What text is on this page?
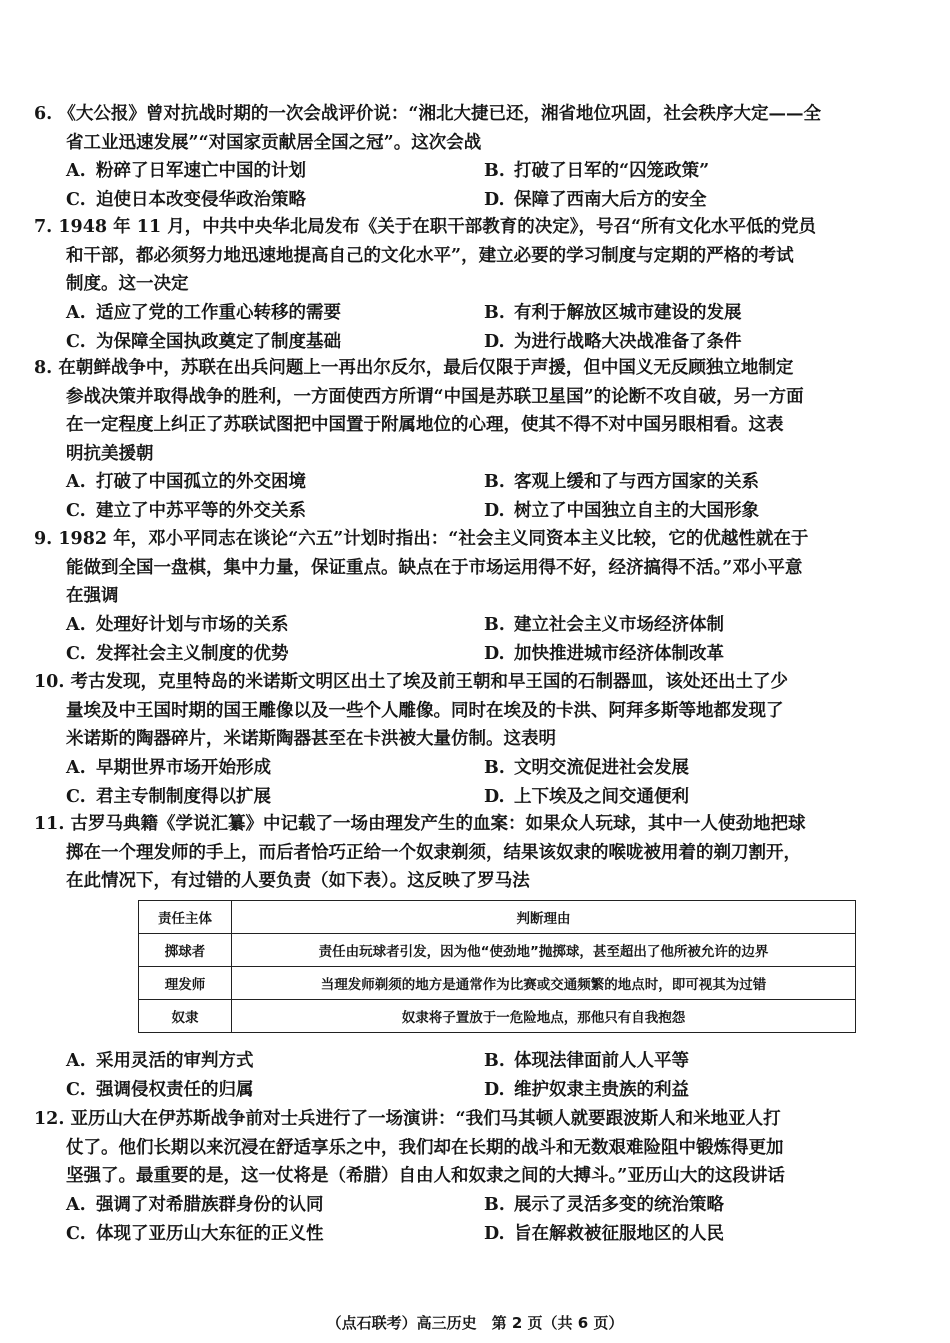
6. 《大公报》曾对抗战时期的一次会战评价说：“湘北大捷已还，湘省地位巩固，社会秩序大定——全
省工业迅速发展”“对国家贡献居全国之冠”。这次会战
A. 粉碎了日军速亡中国的计划	B. 打破了日军的“囚笼政策”
C. 迫使日本改变侵华政治策略	D. 保障了西南大后方的安全
7. 1948 年 11 月，中共中央华北局发布《关于在职干部教育的决定》，号召“所有文化水平低的党员
和干部，都必须努力地迅速地提高自己的文化水平”，建立必要的学习制度与定期的严格的考试
制度。这一决定
A. 适应了党的工作重心转移的需要	B. 有利于解放区城市建设的发展
C. 为保障全国执政奠定了制度基础	D. 为进行战略大决战准备了条件
8. 在朝鲜战争中，苏联在出兵问题上一再出尔反尔，最后仅限于声援，但中国义无反顾独立地制定
参战决策并取得战争的胜利，一方面使西方所谓“中国是苏联卫星国”的论断不攻自破，另一方面
在一定程度上纠正了苏联试图把中国置于附属地位的心理，使其不得不对中国另眼相看。这表
明抗美援朝
A. 打破了中国孤立的外交困境	B. 客观上缓和了与西方国家的关系
C. 建立了中苏平等的外交关系	D. 树立了中国独立自主的大国形象
9. 1982 年，邓小平同志在谈论“六五”计划时指出：“社会主义同资本主义比较，它的优越性就在于
能做到全国一盘棋，集中力量，保证重点。缺点在于市场运用得不好，经济搞得不活。”邓小平意
在强调
A. 处理好计划与市场的关系	B. 建立社会主义市场经济体制
C. 发挥社会主义制度的优势	D. 加快推进城市经济体制改革
10. 考古发现，克里特岛的米诺斯文明区出土了埃及前王朝和早王国的石制器皿，该处还出土了少
量埃及中王国时期的国王雕像以及一些个人雕像。同时在埃及的卡洪、阿拜多斯等地都发现了
米诺斯的陶器碎片，米诺斯陶器甚至在卡洪被大量仿制。这表明
A. 早期世界市场开始形成	B. 文明交流促进社会发展
C. 君主专制制度得以扩展	D. 上下埃及之间交通便利
11. 古罗马典籍《学说汇纂》中记载了一场由理发产生的血案：如果众人玩球，其中一人使劲地把球
掷在一个理发师的手上，而后者恰巧正给一个奴隶剃须，结果该奴隶的喉咙被用着的剃刀割开，
在此情况下，有过错的人要负责（如下表）。这反映了罗马法
责任主体	判断理由
掷球者	责任由玩球者引发，因为他“使劲地”抛掷球，甚至超出了他所被允许的边界
理发师	当理发师剃须的地方是通常作为比赛或交通频繁的地点时，即可视其为过错
奴隶	奴隶将子置放于一危险地点，那他只有自我抱怨
A. 采用灵活的审判方式	B. 体现法律面前人人平等
C. 强调侵权责任的归属	D. 维护奴隶主贵族的利益
12. 亚历山大在伊苏斯战争前对士兵进行了一场演讲：“我们马其顿人就要跟波斯人和米地亚人打
仗了。他们长期以来沉浸在舒适享乐之中，我们却在长期的战斗和无数艰难险阻中锻炼得更加
坚强了。最重要的是，这一仗将是（希腊）自由人和奴隶之间的大搏斗。”亚历山大的这段讲话
A. 强调了对希腊族群身份的认同	B. 展示了灵活多变的统治策略
C. 体现了亚历山大东征的正义性	D. 旨在解救被征服地区的人民
（点石联考）高三历史　第 2 页（共 6 页）
